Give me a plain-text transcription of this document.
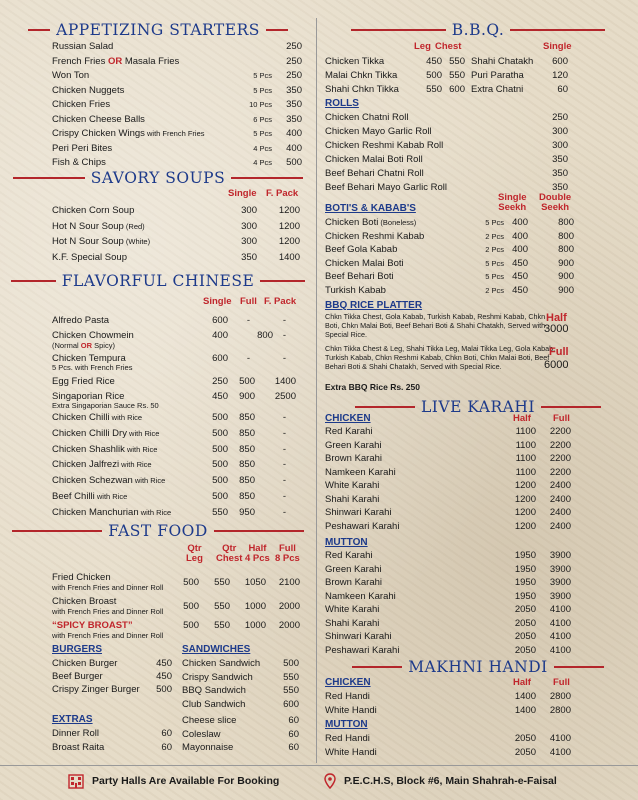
APPETIZING STARTERS
Russian Salad	250
French Fries OR Masala Fries	250
Won Ton	5 Pcs 250
Chicken Nuggets	5 Pcs 350
Chicken Fries	10 Pcs 350
Chicken Cheese Balls	6 Pcs 350
Crispy Chicken Wings with French Fries	5 Pcs 400
Peri Peri Bites	4 Pcs 400
Fish & Chips	4 Pcs 500
SAVORY SOUPS
Single F. Pack
Chicken Corn Soup	300 1200
Hot N Sour Soup (Red)	300 1200
Hot N Sour Soup (White)	300 1200
K.F. Special Soup	350 1400
FLAVORFUL CHINESE
Single Full F. Pack
Alfredo Pasta	600 -	-
Chicken Chowmein	400	800 -
(Normal OR Spicy)
Chicken Tempura	600 -	-
5 Pcs. with French Fries
Egg Fried Rice	250 500 1400
Singaporian Rice	450 900 2500
Extra Singaporian Sauce Rs. 50
Chicken Chilli with Rice	500 850	-
Chicken Chilli Dry with Rice	500 850	-
Chicken Shashlik with Rice	500 850	-
Chicken Jalfrezi with Rice	500 850	-
Chicken Schezwan with Rice	500 850	-
Beef Chilli with Rice	500 850	-
Chicken Manchurian with Rice	550 950	-
FAST FOOD
Qtr
Leg
Qtr
Chest
Half
4 Pcs
Full
8 Pcs
Fried Chicken	500 550 1050 2100
with French Fries and Dinner Roll
Chicken Broast	500 550 1000 2000
with French Fries and Dinner Roll
“SPICY BROAST”	500 550 1000 2000
with French Fries and Dinner Roll
BURGERS	SANDWICHES
Chicken Burger	450
Beef Burger	450
Crispy Zinger Burger 500
Chicken Sandwich 500
Crispy Sandwich	550
BBQ Sandwich	550
Club Sandwich	600
EXTRAS
Dinner Roll	60
Broast Raita	60
Cheese slice	60
Coleslaw	60
Mayonnaise	60
B.B.Q.
Leg Chest	Single
Chicken Tikka	450 550
Malai Chkn Tikka	500 550
Shahi Chkn Tikka	550 600
Shahi Chatakh 600
Puri Paratha	120
Extra Chatni	60
ROLLS
Chicken Chatni Roll	250
Chicken Mayo Garlic Roll	300
Chicken Reshmi Kabab Roll	300
Chicken Malai Boti Roll	350
Beef Behari Chatni Roll	350
Beef Behari Mayo Garlic Roll	350
BOTI'S & KABAB'S
Single
Seekh
Double
Seekh
Chicken Boti (Boneless)	5 Pcs 400	800
Chicken Reshmi Kabab	2 Pcs 400	800
Beef Gola Kabab	2 Pcs 400	800
Chicken Malai Boti	5 Pcs 450	900
Beef Behari Boti	5 Pcs 450	900
Turkish Kabab	2 Pcs 450	900
BBQ RICE PLATTER
Chkn Tikka Chest, Gola Kabab, Turkish Kabab, Reshmi Kabab, Chkn Boti, Chkn Malai Boti, Beef Behari Boti & Shahi Chatakh, Served with Special Rice.
Half
3000
Chkn Tikka Chest & Leg, Shahi Tikka Leg, Malai Tikka Leg, Gola Kabab, Turkish Kabab, Chkn Reshmi Kabab, Chkn Boti, Chkn Malai Boti, Beef Behari Boti & Shahi Chatakh, Served with Special Rice.
Full
6000
Extra BBQ Rice Rs. 250
LIVE KARAHI
CHICKEN	Half Full
Red Karahi	1100 2200
Green Karahi	1100 2200
Brown Karahi	1100 2200
Namkeen Karahi	1100 2200
White Karahi	1200 2400
Shahi Karahi	1200 2400
Shinwari Karahi	1200 2400
Peshawari Karahi	1200 2400
MUTTON
Red Karahi	1950 3900
Green Karahi	1950 3900
Brown Karahi	1950 3900
Namkeen Karahi	1950 3900
White Karahi	2050 4100
Shahi Karahi	2050 4100
Shinwari Karahi	2050 4100
Peshawari Karahi	2050 4100
MAKHNI HANDI
CHICKEN	Half Full
Red Handi	1400 2800
White Handi	1400 2800
MUTTON
Red Handi	2050 4100
White Handi	2050 4100
Party Halls Are Available For Booking	P.E.C.H.S, Block #6, Main Shahrah-e-Faisal
